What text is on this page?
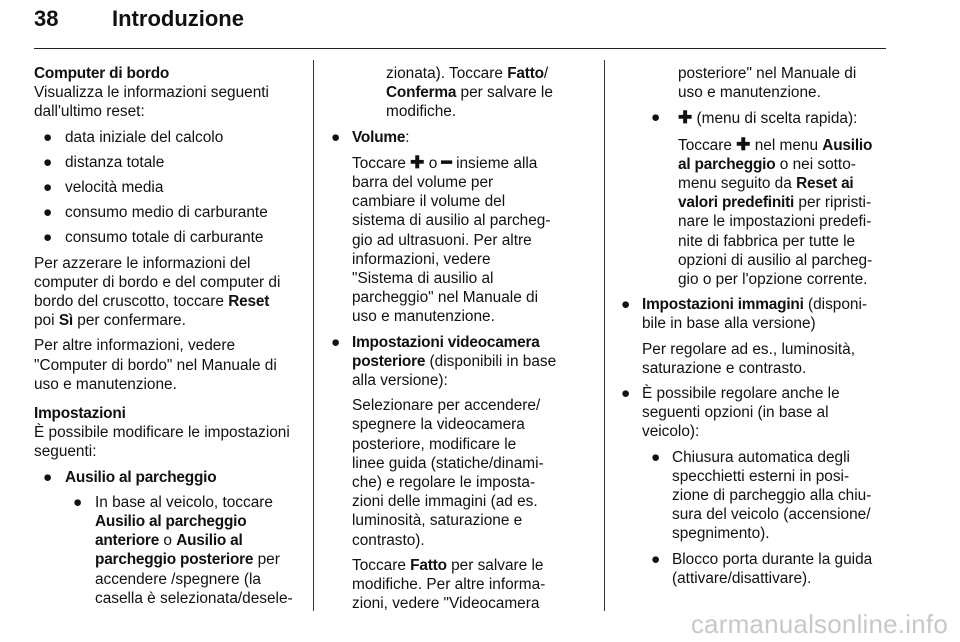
38 Introduzione
Computer di bordo

Visualizza le informazioni seguenti
dall'ultimo reset:

● data iniziale del calcolo
● distanza totale
● velocità media
● consumo medio di carburante
● consumo totale di carburante

Per azzerare le informazioni del
computer di bordo e del computer di
bordo del cruscotto, toccare Reset
poi Sì per confermare.

Per altre informazioni, vedere
"Computer di bordo" nel Manuale di
uso e manutenzione.

Impostazioni

È possibile modificare le impostazioni
seguenti:

● Ausilio al parcheggio
● In base al veicolo, toccare
Ausilio al parcheggio
anteriore o Ausilio al
parcheggio posteriore per
accendere /spegnere (la
casella è selezionata/desele-
zionata). Toccare Fatto/
Conferma per salvare le
modifiche.
● Volume:
Toccare ✚ o ━ insieme alla
barra del volume per
cambiare il volume del
sistema di ausilio al parcheg-
gio ad ultrasuoni. Per altre
informazioni, vedere
"Sistema di ausilio al
parcheggio" nel Manuale di
uso e manutenzione.
● Impostazioni videocamera
posteriore (disponibili in base
alla versione):
Selezionare per accendere/
spegnere la videocamera
posteriore, modificare le
linee guida (statiche/dinami-
che) e regolare le imposta-
zioni delle immagini (ad es.
luminosità, saturazione e
contrasto).
Toccare Fatto per salvare le
modifiche. Per altre informa-
zioni, vedere "Videocamera
posteriore" nel Manuale di
uso e manutenzione.
● ✚ (menu di scelta rapida):
Toccare ✚ nel menu Ausilio
al parcheggio o nei sotto-
menu seguito da Reset ai
valori predefiniti per ripristi-
nare le impostazioni predefi-
nite di fabbrica per tutte le
opzioni di ausilio al parcheg-
gio o per l'opzione corrente.
● Impostazioni immagini (disponi-
bile in base alla versione)
Per regolare ad es., luminosità,
saturazione e contrasto.
● È possibile regolare anche le
seguenti opzioni (in base al
veicolo):
● Chiusura automatica degli
specchietti esterni in posi-
zione di parcheggio alla chiu-
sura del veicolo (accensione/
spegnimento).
● Blocco porta durante la guida
(attivare/disattivare).
carmanualsonline.info
